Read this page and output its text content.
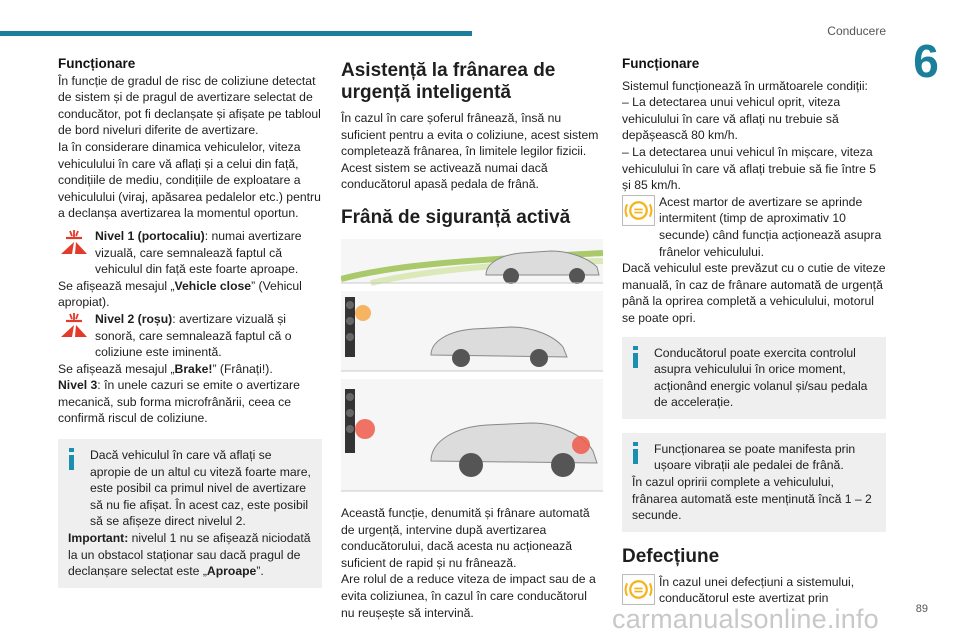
Conducere
6

Funcționare

În funcție de gradul de risc de coliziune detectat de sistem și de pragul de avertizare selectat de conducător, pot fi declanșate și afișate pe tabloul de bord niveluri diferite de avertizare.

Ia în considerare dinamica vehiculelor, viteza vehiculului în care vă aflați și a celui din față, condițiile de mediu, condițiile de exploatare a vehiculului (viraj, apăsarea pedalelor etc.) pentru a declanșa avertizarea la momentul oportun.

Nivel 1 (portocaliu): numai avertizare vizuală, care semnalează faptul că vehiculul din față este foarte aproape.

Se afișează mesajul „Vehicle close” (Vehicul apropiat).

Nivel 2 (roșu): avertizare vizuală și sonoră, care semnalează faptul că o coliziune este iminentă.

Se afișează mesajul „Brake!” (Frânați!).

Nivel 3: în unele cazuri se emite o avertizare mecanică, sub forma microfrânării, ceea ce confirmă riscul de coliziune.

Dacă vehiculul în care vă aflați se apropie de un altul cu viteză foarte mare, este posibil ca primul nivel de avertizare să nu fie afișat. În acest caz, este posibil să se afișeze direct nivelul 2.

Important: nivelul 1 nu se afișează niciodată la un obstacol staționar sau dacă pragul de declanșare selectat este „Aproape”.

Asistență la frânarea de urgență inteligentă

În cazul în care șoferul frânează, însă nu suficient pentru a evita o coliziune, acest sistem completează frânarea, în limitele legilor fizicii. Acest sistem se activează numai dacă conducătorul apasă pedala de frână.

Frână de siguranță activă

Această funcție, denumită și frânare automată de urgență, intervine după avertizarea conducătorului, dacă acesta nu acționează suficient de rapid și nu frânează.

Are rolul de a reduce viteza de impact sau de a evita coliziunea, în cazul în care conducătorul nu reușește să intervină.

Funcționare

Sistemul funcționează în următoarele condiții:

– La detectarea unui vehicul oprit, viteza vehiculului în care vă aflați nu trebuie să depășească 80 km/h.

– La detectarea unui vehicul în mișcare, viteza vehiculului în care vă aflați trebuie să fie între 5 și 85 km/h.

Acest martor de avertizare se aprinde intermitent (timp de aproximativ 10 secunde) când funcția acționează asupra frânelor vehiculului.

Dacă vehiculul este prevăzut cu o cutie de viteze manuală, în caz de frânare automată de urgență până la oprirea completă a vehiculului, motorul se poate opri.

Conducătorul poate exercita controlul asupra vehiculului în orice moment, acționând energic volanul și/sau pedala de accelerație.

Funcționarea se poate manifesta prin ușoare vibrații ale pedalei de frână.

În cazul opririi complete a vehiculului, frânarea automată este menținută încă 1 – 2 secunde.

Defecțiune

În cazul unei defecțiuni a sistemului, conducătorul este avertizat prin

carmanualsonline.info	89
